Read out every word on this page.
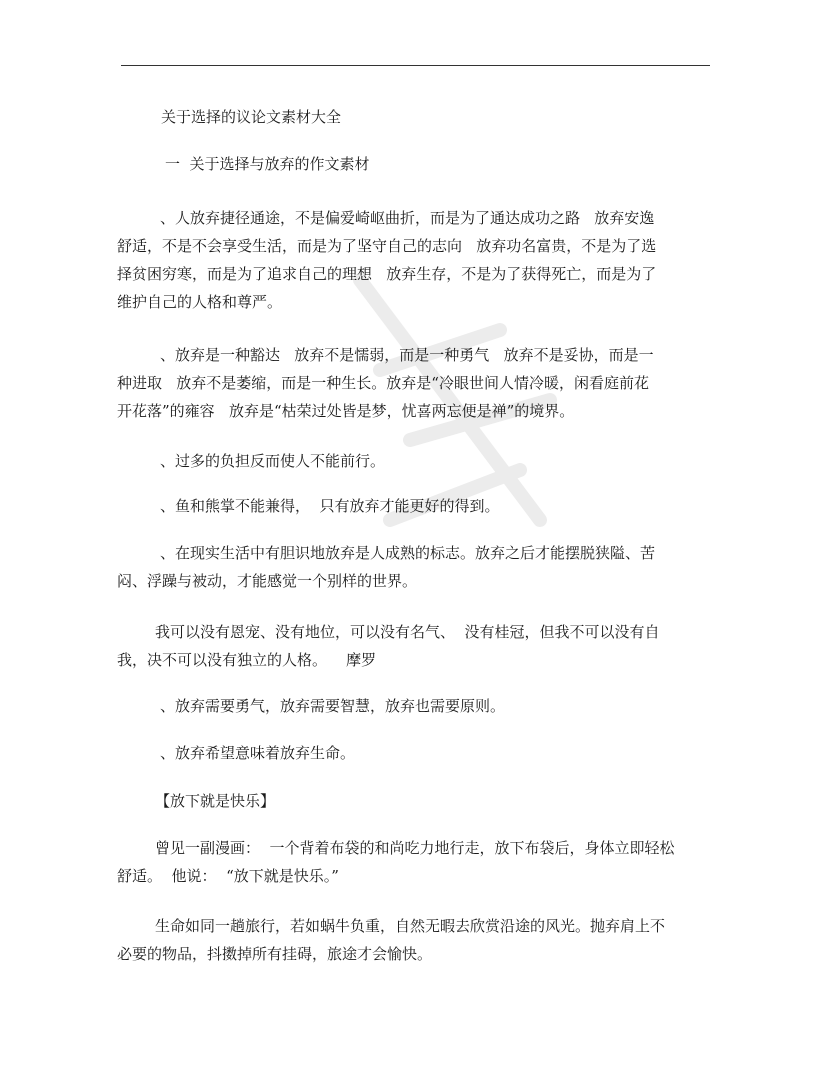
关于选择的议论文素材大全
一  关于选择与放弃的作文素材
、人放弃捷径通途，不是偏爱崎岖曲折，而是为了通达成功之路   放弃安逸
舒适，不是不会享受生活，而是为了坚守自己的志向   放弃功名富贵，不是为了选
择贫困穷寒，而是为了追求自己的理想   放弃生存，不是为了获得死亡，而是为了
维护自己的人格和尊严。
、放弃是一种豁达   放弃不是懦弱，而是一种勇气   放弃不是妥协，而是一
种进取   放弃不是萎缩，而是一种生长。放弃是“冷眼世间人情冷暖，闲看庭前花
开花落”的雍容   放弃是“枯荣过处皆是梦，忧喜两忘便是禅”的境界。
、过多的负担反而使人不能前行。
、鱼和熊掌不能兼得，  只有放弃才能更好的得到。
、在现实生活中有胆识地放弃是人成熟的标志。放弃之后才能摆脱狭隘、苦
闷、浮躁与被动，才能感觉一个别样的世界。
我可以没有恩宠、没有地位，可以没有名气、  没有桂冠，但我不可以没有自
我，决不可以没有独立的人格。    摩罗
、放弃需要勇气，放弃需要智慧，放弃也需要原则。
、放弃希望意味着放弃生命。
【放下就是快乐】
曾见一副漫画：  一个背着布袋的和尚吃力地行走，放下布袋后，身体立即轻松
舒适。  他说：  “放下就是快乐。”
生命如同一趟旅行，若如蜗牛负重，自然无暇去欣赏沿途的风光。抛弃肩上不
必要的物品，抖擞掉所有挂碍，旅途才会愉快。
